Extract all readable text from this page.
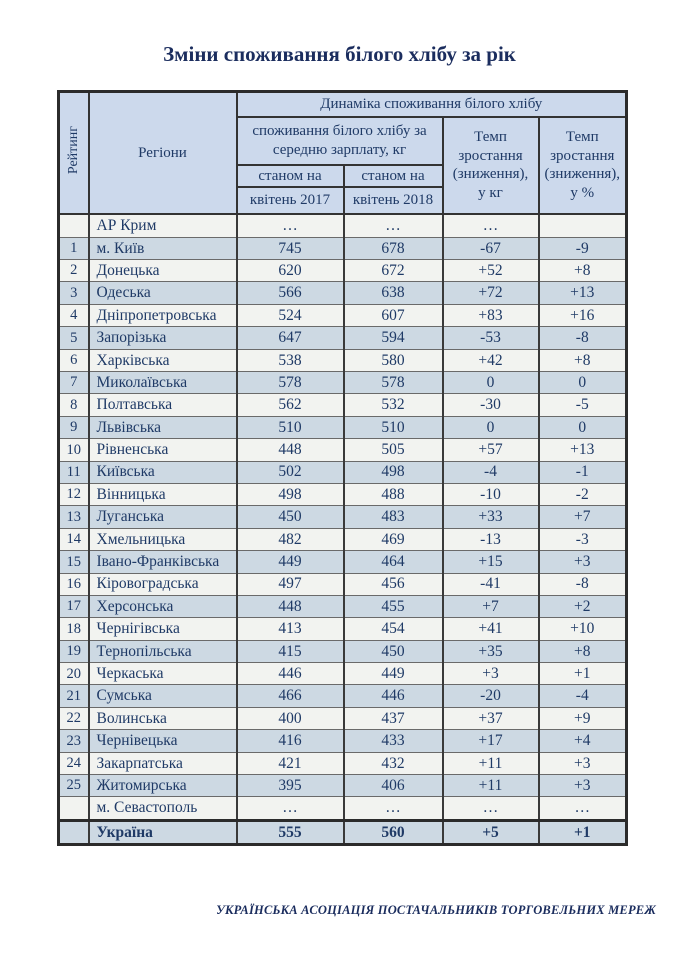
Зміни споживання білого хлібу за рік
Рейтинг	Регіони	Динаміка споживання білого хлібу			
		споживання білого хлібу за середню зарплату, кг		Темп зростання (зниження), у кг	Темп зростання (зниження), у %
		станом на	станом на		
		квітень 2017	квітень 2018		
	АР Крим	…	…	…	
1	м. Київ	745	678	-67	-9
2	Донецька	620	672	+52	+8
3	Одеська	566	638	+72	+13
4	Дніпропетровська	524	607	+83	+16
5	Запорізька	647	594	-53	-8
6	Харківська	538	580	+42	+8
7	Миколаївська	578	578	0	0
8	Полтавська	562	532	-30	-5
9	Львівська	510	510	0	0
10	Рівненська	448	505	+57	+13
11	Київська	502	498	-4	-1
12	Вінницька	498	488	-10	-2
13	Луганська	450	483	+33	+7
14	Хмельницька	482	469	-13	-3
15	Івано-Франківська	449	464	+15	+3
16	Кіровоградська	497	456	-41	-8
17	Херсонська	448	455	+7	+2
18	Чернігівська	413	454	+41	+10
19	Тернопільська	415	450	+35	+8
20	Черкаська	446	449	+3	+1
21	Сумська	466	446	-20	-4
22	Волинська	400	437	+37	+9
23	Чернівецька	416	433	+17	+4
24	Закарпатська	421	432	+11	+3
25	Житомирська	395	406	+11	+3
	м. Севастополь	…	…	…	…
	Україна	555	560	+5	+1
УКРАЇНСЬКА АСОЦІАЦІЯ ПОСТАЧАЛЬНИКІВ ТОРГОВЕЛЬНИХ МЕРЕЖ
